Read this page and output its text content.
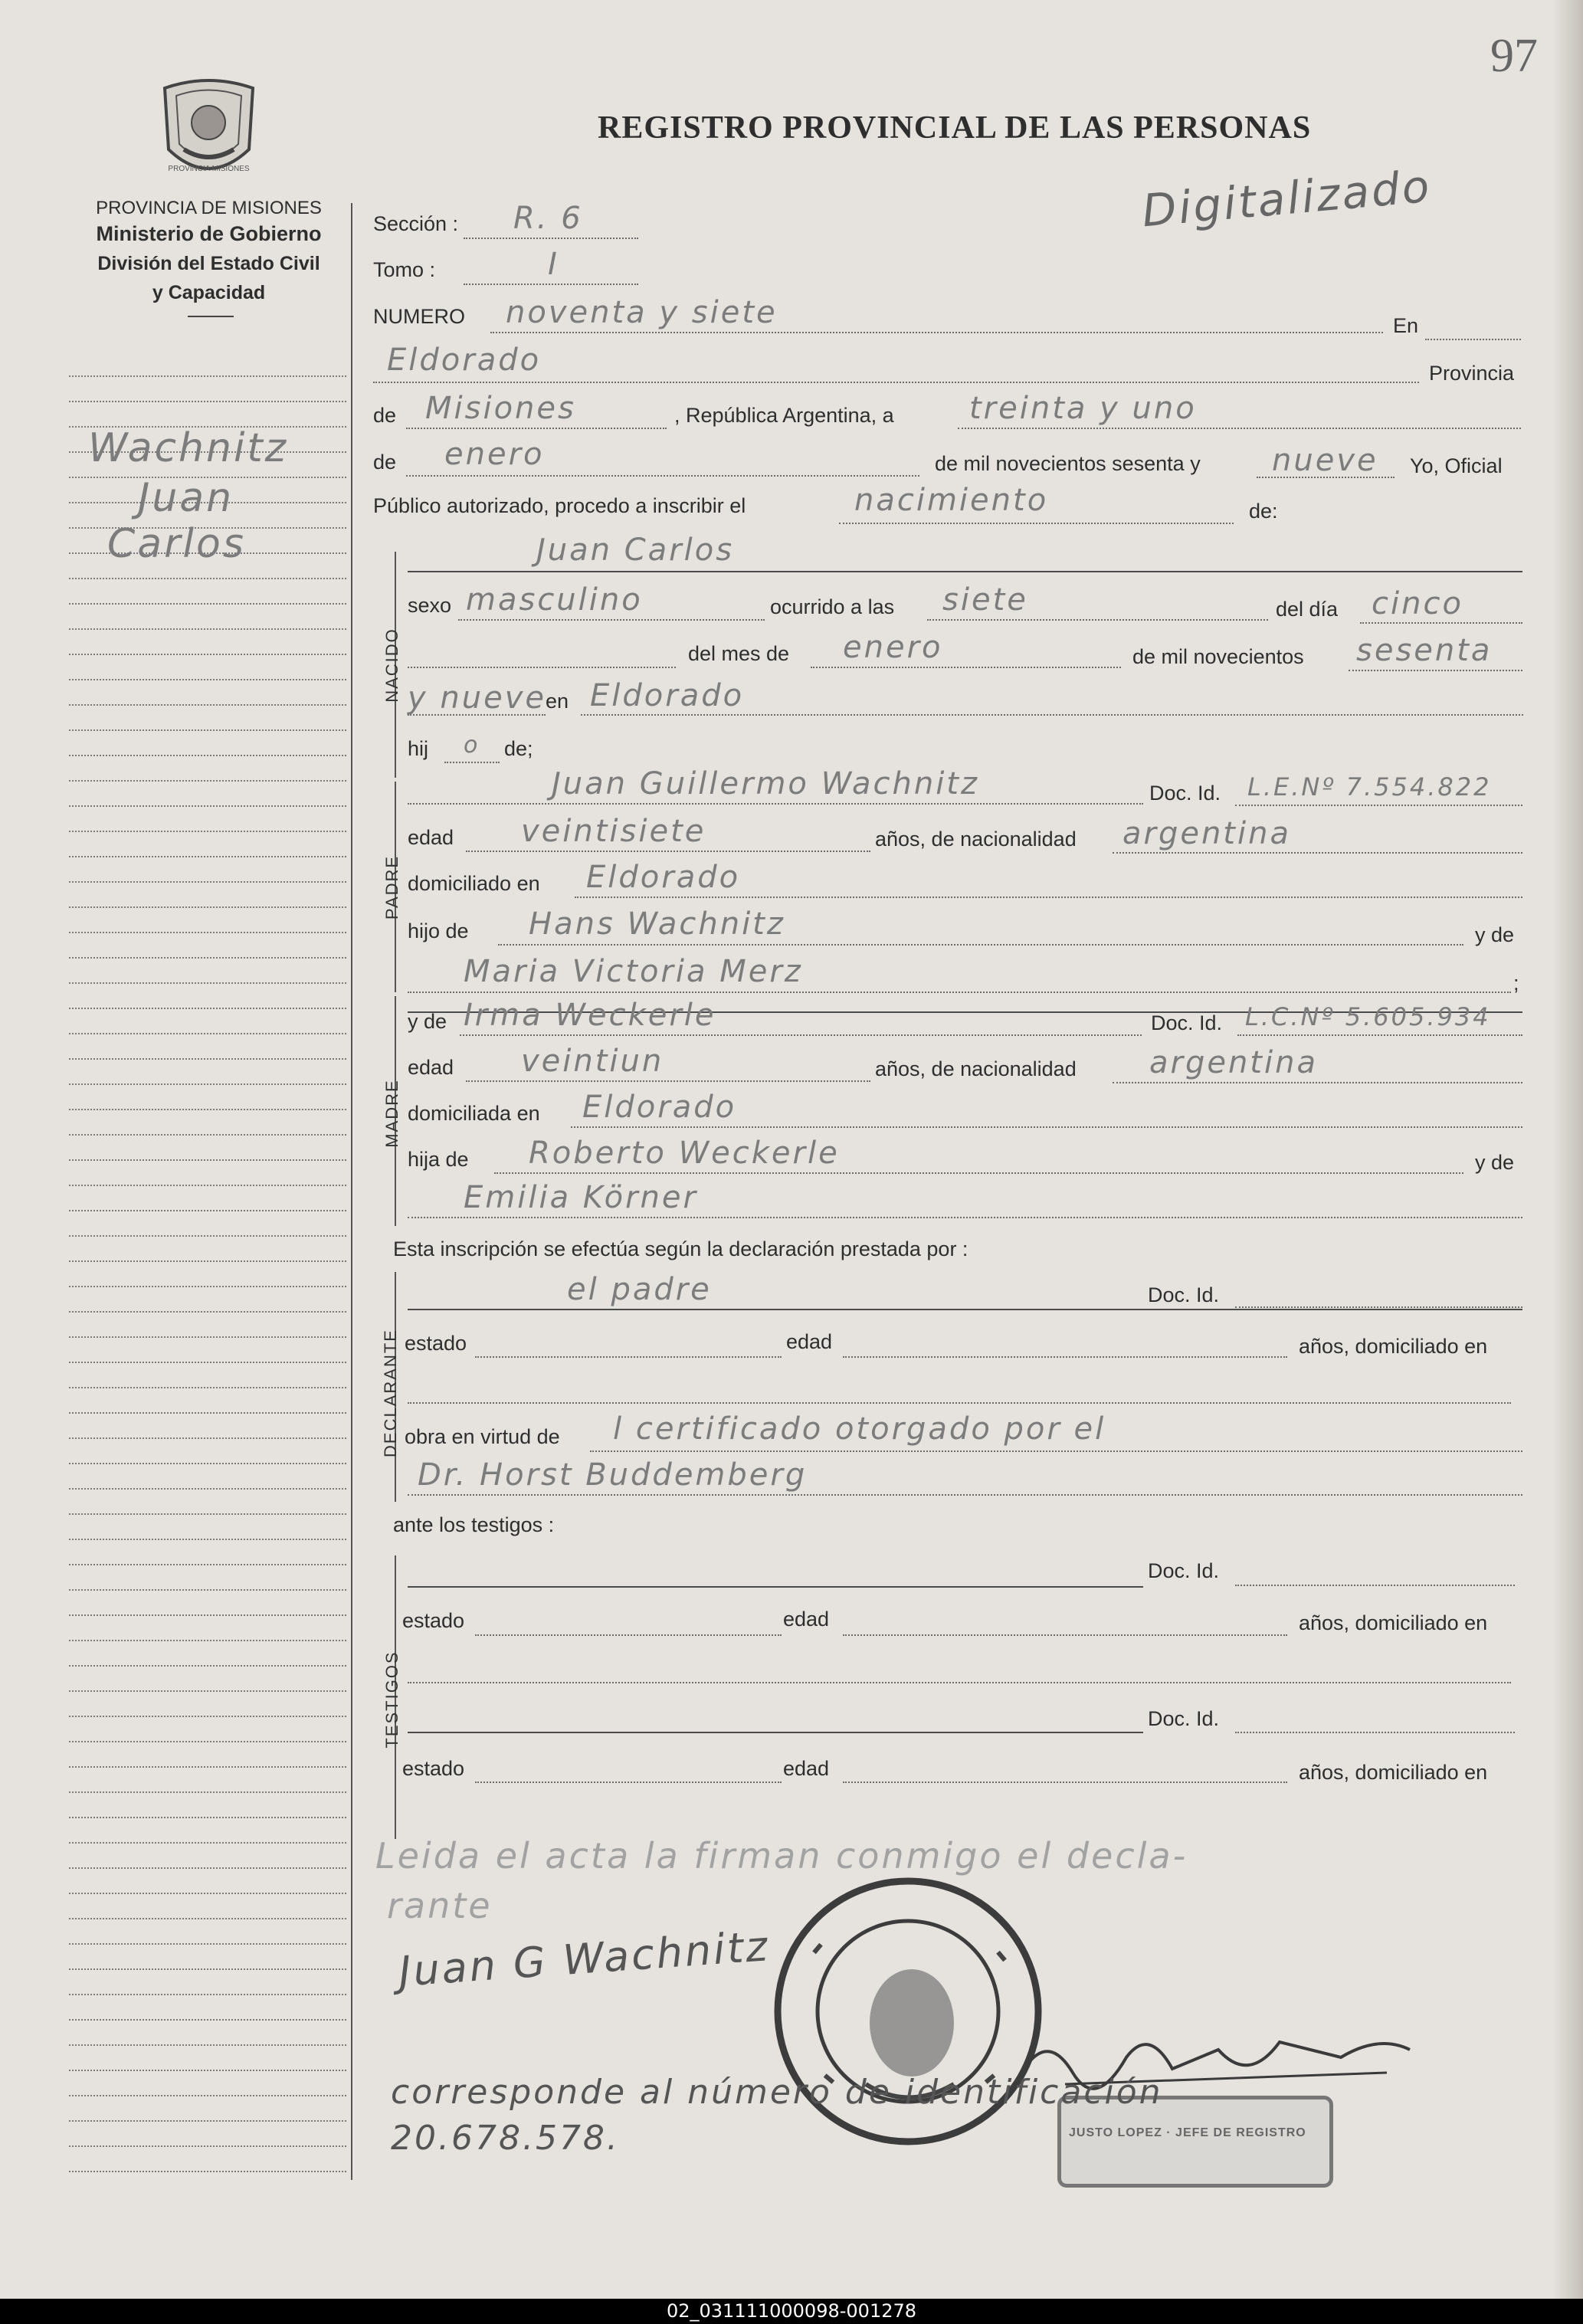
97
PROVINCIA MISIONES
PROVINCIA DE MISIONES
Ministerio de Gobierno
División del Estado Civil
y Capacidad
REGISTRO PROVINCIAL DE LAS PERSONAS
Digitalizado
Wachnitz
Juan
Carlos
Sección : R. 6
Tomo :	I
NUMERO noventa y siete	En
Eldorado	Provincia
de Misiones	, República Argentina, a treinta y uno
de enero	de mil novecientos sesenta y nueve Yo, Oficial
Público autorizado, procedo a inscribir el	nacimiento	de:
NACIDO
Juan Carlos
sexo masculino	ocurrido a las siete	del día cinco
del mes de enero	de mil novecientos sesenta
y nueve en Eldorado
hij o de;
PADRE
Juan Guillermo Wachnitz	Doc. Id. L.E.Nº 7.554.822
edad veintisiete	años, de nacionalidad argentina
domiciliado en Eldorado
hijo de Hans Wachnitz	y de
Maria Victoria Merz	;
MADRE
y de Irma Weckerle	Doc. Id. L.C.Nº 5.605.934
edad veintiun	años, de nacionalidad argentina
domiciliada en Eldorado
hija de Roberto Weckerle	y de
Emilia Körner
Esta inscripción se efectúa según la declaración prestada por :
DECLARANTE
el padre	Doc. Id.
estado	edad	años, domiciliado en
obra en virtud de l certificado otorgado por el
Dr. Horst Buddemberg
ante los testigos :
TESTIGOS
Doc. Id.
estado	edad	años, domiciliado en
Doc. Id.
estado	edad	años, domiciliado en
Leida el acta la firman conmigo el decla-
rante
Juan G Wachnitz
JUSTO LOPEZ · JEFE DE REGISTRO
corresponde al número de identificación
20.678.578.
02_031111000098-001278
